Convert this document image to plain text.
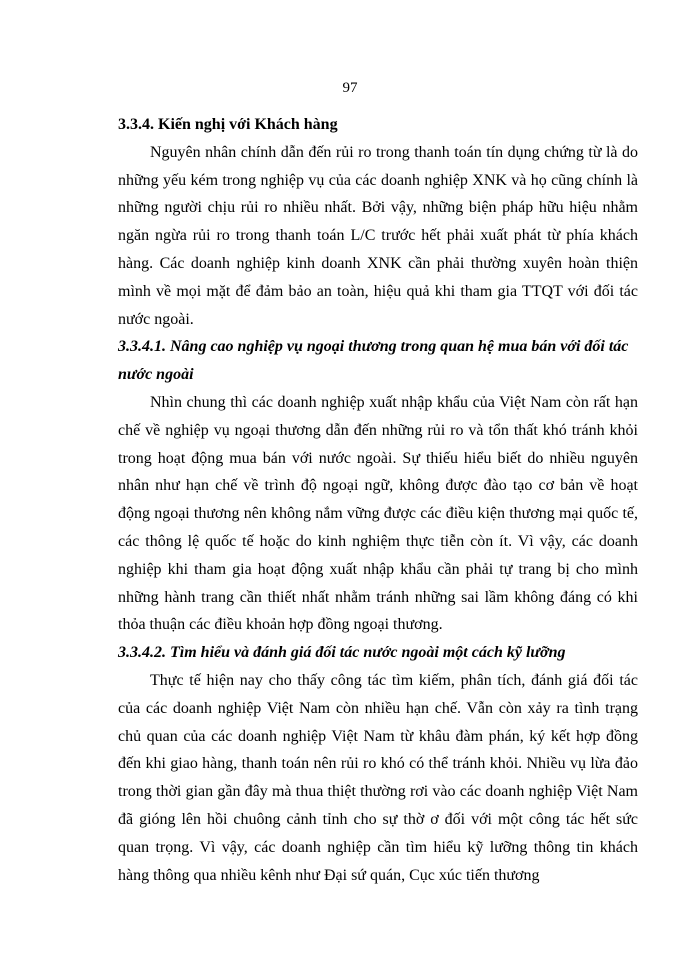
97

3.3.4. Kiến nghị với Khách hàng

Nguyên nhân chính dẫn đến rủi ro trong thanh toán tín dụng chứng từ là do những yếu kém trong nghiệp vụ của các doanh nghiệp XNK và họ cũng chính là những người chịu rủi ro nhiều nhất. Bởi vậy, những biện pháp hữu hiệu nhằm ngăn ngừa rủi ro trong thanh toán L/C trước hết phải xuất phát từ phía khách hàng. Các doanh nghiệp kinh doanh XNK cần phải thường xuyên hoàn thiện mình về mọi mặt để đảm bảo an toàn, hiệu quả khi tham gia TTQT với đối tác nước ngoài.

3.3.4.1. Nâng cao nghiệp vụ ngoại thương trong quan hệ mua bán với đối tác nước ngoài

Nhìn chung thì các doanh nghiệp xuất nhập khẩu của Việt Nam còn rất hạn chế về nghiệp vụ ngoại thương dẫn đến những rủi ro và tổn thất khó tránh khỏi trong hoạt động mua bán với nước ngoài. Sự thiếu hiểu biết do nhiều nguyên nhân như hạn chế về trình độ ngoại ngữ, không được đào tạo cơ bản về hoạt động ngoại thương nên không nắm vững được các điều kiện thương mại quốc tế, các thông lệ quốc tế hoặc do kinh nghiệm thực tiễn còn ít. Vì vậy, các doanh nghiệp khi tham gia hoạt động xuất nhập khẩu cần phải tự trang bị cho mình những hành trang cần thiết nhất nhằm tránh những sai lầm không đáng có khi thỏa thuận các điều khoản hợp đồng ngoại thương.

3.3.4.2. Tìm hiểu và đánh giá đối tác nước ngoài một cách kỹ lưỡng

Thực tế hiện nay cho thấy công tác tìm kiếm, phân tích, đánh giá đối tác của các doanh nghiệp Việt Nam còn nhiều hạn chế. Vẫn còn xảy ra tình trạng chủ quan của các doanh nghiệp Việt Nam từ khâu đàm phán, ký kết hợp đồng đến khi giao hàng, thanh toán nên rủi ro khó có thể tránh khỏi. Nhiều vụ lừa đảo trong thời gian gần đây mà thua thiệt thường rơi vào các doanh nghiệp Việt Nam đã gióng lên hồi chuông cảnh tỉnh cho sự thờ ơ đối với một công tác hết sức quan trọng. Vì vậy, các doanh nghiệp cần tìm hiểu kỹ lưỡng thông tin khách hàng thông qua nhiều kênh như Đại sứ quán, Cục xúc tiến thương
